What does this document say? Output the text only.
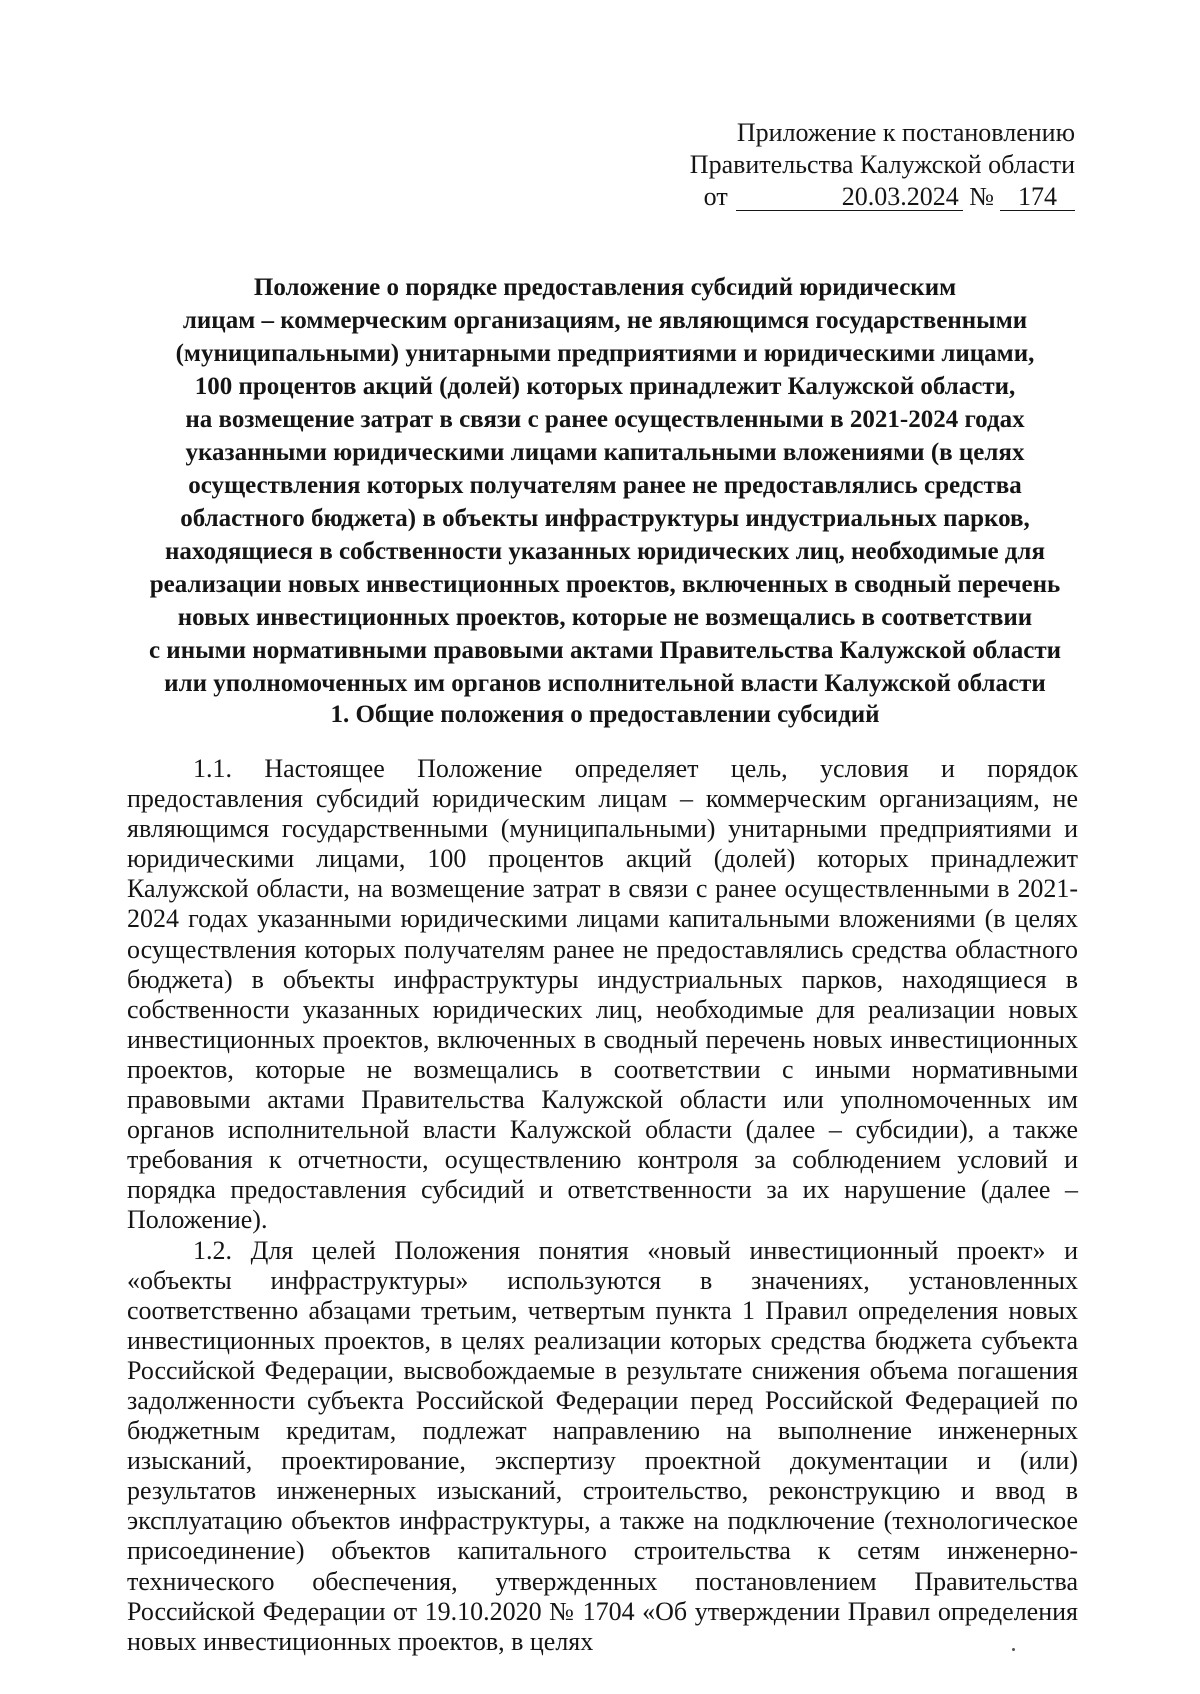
Приложение к постановлению
Правительства Калужской области
от	20.03.2024 № 174
Положение о порядке предоставления субсидий юридическим
лицам – коммерческим организациям, не являющимся государственными
(муниципальными) унитарными предприятиями и юридическими лицами,
100 процентов акций (долей) которых принадлежит Калужской области,
на возмещение затрат в связи с ранее осуществленными в 2021-2024 годах
указанными юридическими лицами капитальными вложениями (в целях
осуществления которых получателям ранее не предоставлялись средства
областного бюджета) в объекты инфраструктуры индустриальных парков,
находящиеся в собственности указанных юридических лиц, необходимые для
реализации новых инвестиционных проектов, включенных в сводный перечень
новых инвестиционных проектов, которые не возмещались в соответствии
с иными нормативными правовыми актами Правительства Калужской области
или уполномоченных им органов исполнительной власти Калужской области
1. Общие положения о предоставлении субсидий

1.1. Настоящее Положение определяет цель, условия и порядок предоставления субсидий юридическим лицам – коммерческим организациям, не являющимся государственными (муниципальными) унитарными предприятиями и юридическими лицами, 100 процентов акций (долей) которых принадлежит Калужской области, на возмещение затрат в связи с ранее осуществленными в 2021-2024 годах указанными юридическими лицами капитальными вложениями (в целях осуществления которых получателям ранее не предоставлялись средства областного бюджета) в объекты инфраструктуры индустриальных парков, находящиеся в собственности указанных юридических лиц, необходимые для реализации новых инвестиционных проектов, включенных в сводный перечень новых инвестиционных проектов, которые не возмещались в соответствии с иными нормативными правовыми актами Правительства Калужской области или уполномоченных им органов исполнительной власти Калужской области (далее – субсидии), а также требования к отчетности, осуществлению контроля за соблюдением условий и порядка предоставления субсидий и ответственности за их нарушение (далее – Положение).

1.2. Для целей Положения понятия «новый инвестиционный проект» и «объекты инфраструктуры» используются в значениях, установленных соответственно абзацами третьим, четвертым пункта 1 Правил определения новых инвестиционных проектов, в целях реализации которых средства бюджета субъекта Российской Федерации, высвобождаемые в результате снижения объема погашения задолженности субъекта Российской Федерации перед Российской Федерацией по бюджетным кредитам, подлежат направлению на выполнение инженерных изысканий, проектирование, экспертизу проектной документации и (или) результатов инженерных изысканий, строительство, реконструкцию и ввод в эксплуатацию объектов инфраструктуры, а также на подключение (технологическое присоединение) объектов капитального строительства к сетям инженерно-технического обеспечения, утвержденных постановлением Правительства Российской Федерации от 19.10.2020 № 1704 «Об утверждении Правил определения новых инвестиционных проектов, в целях
